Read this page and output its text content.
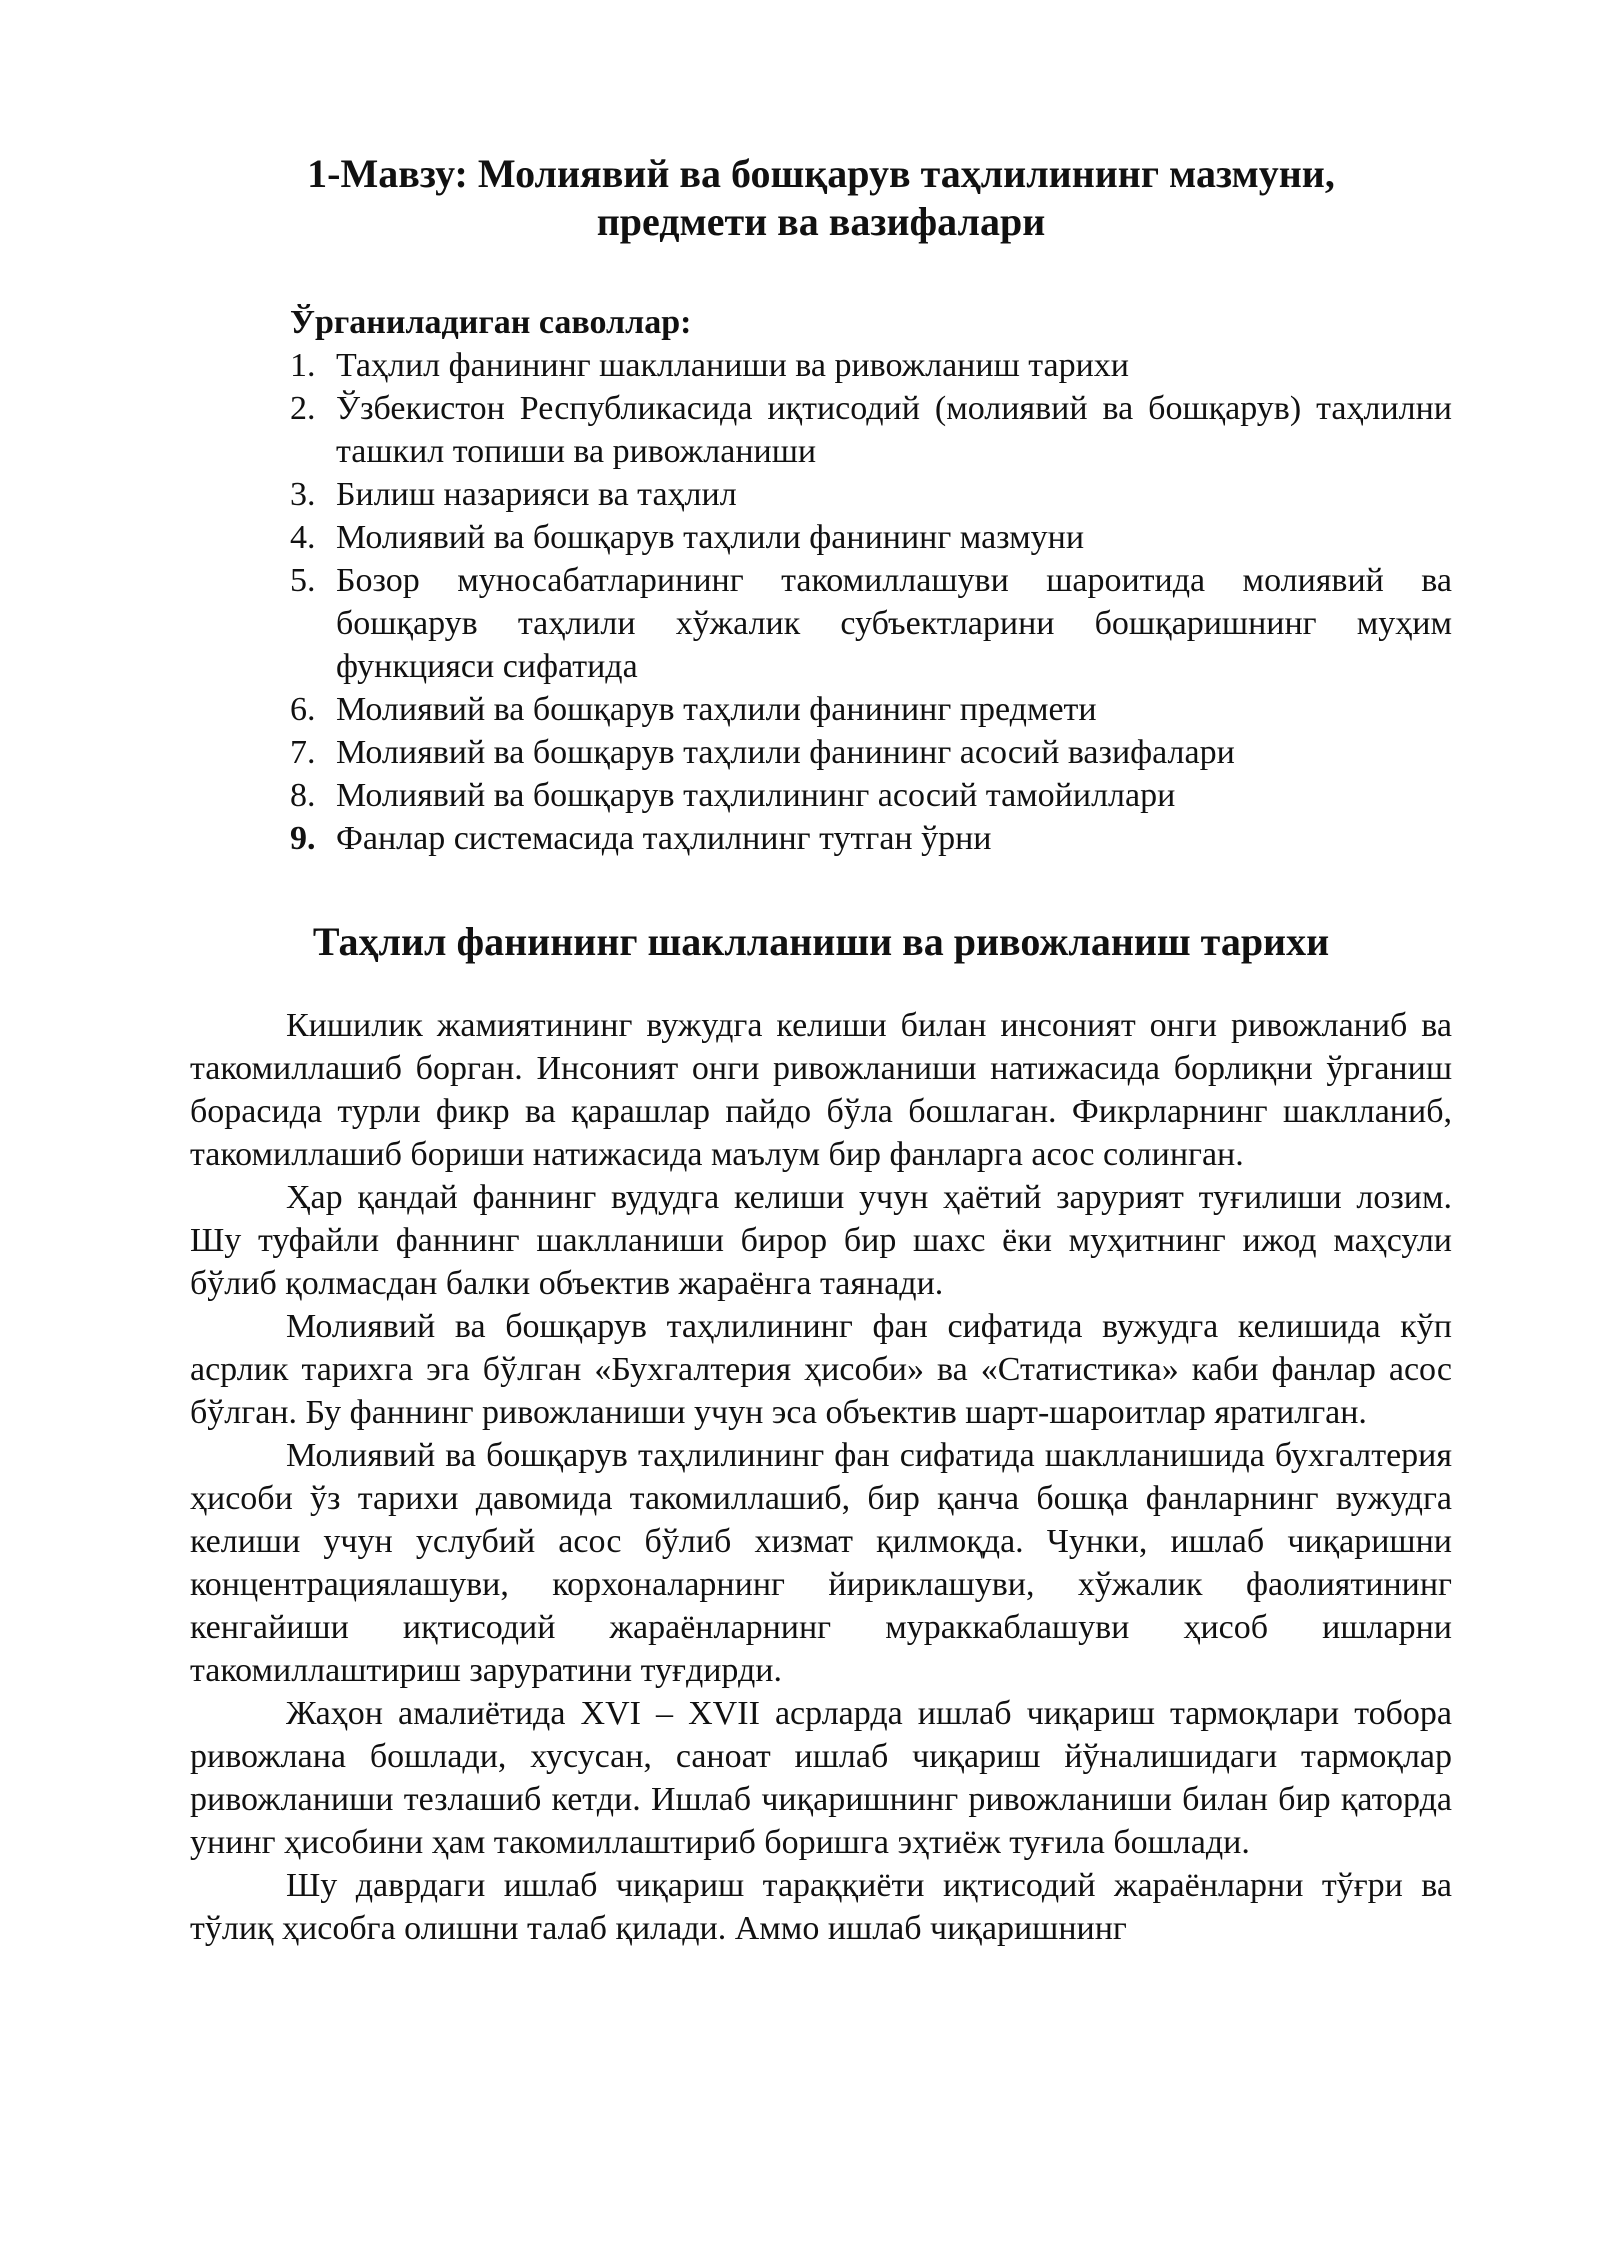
1-Мавзу: Молиявий ва бошқарув таҳлилининг мазмуни,
предмети ва вазифалари

Ўрганиладиган саволлар:

1. Таҳлил фанининг шаклланиши ва ривожланиш тарихи
2. Ўзбекистон Республикасида иқтисодий (молиявий ва бошқарув) таҳлилни ташкил топиши ва ривожланиши
3. Билиш назарияси ва таҳлил
4. Молиявий ва бошқарув таҳлили фанининг мазмуни
5. Бозор муносабатларининг такомиллашуви шароитида молиявий ва бошқарув таҳлили хўжалик субъектларини бошқаришнинг муҳим функцияси сифатида
6. Молиявий ва бошқарув таҳлили фанининг предмети
7. Молиявий ва бошқарув таҳлили фанининг асосий вазифалари
8. Молиявий ва бошқарув таҳлилининг асосий тамойиллари
9. Фанлар системасида таҳлилнинг тутган ўрни
Таҳлил фанининг шаклланиши ва ривожланиш тарихи

Кишилик жамиятининг вужудга келиши билан инсоният онги ривожланиб ва такомиллашиб борган. Инсоният онги ривожланиши натижасида борлиқни ўрганиш борасида турли фикр ва қарашлар пайдо бўла бошлаган. Фикрларнинг шаклланиб, такомиллашиб бориши натижасида маълум бир фанларга асос солинган.

Ҳар қандай фаннинг вудудга келиши учун ҳаётий зарурият туғилиши лозим. Шу туфайли фаннинг шаклланиши бирор бир шахс ёки муҳитнинг ижод маҳсули бўлиб қолмасдан балки объектив жараёнга таянади.

Молиявий ва бошқарув таҳлилининг фан сифатида вужудга келишида кўп асрлик тарихга эга бўлган «Бухгалтерия ҳисоби» ва «Статистика» каби фанлар асос бўлган. Бу фаннинг ривожланиши учун эса объектив шарт-шароитлар яратилган.

Молиявий ва бошқарув таҳлилининг фан сифатида шаклланишида бухгалтерия ҳисоби ўз тарихи давомида такомиллашиб, бир қанча бошқа фанларнинг вужудга келиши учун услубий асос бўлиб хизмат қилмоқда. Чунки, ишлаб чиқаришни концентрациялашуви, корхоналарнинг йириклашуви, хўжалик фаолиятининг кенгайиши иқтисодий жараёнларнинг мураккаблашуви ҳисоб ишларни такомиллаштириш заруратини туғдирди.

Жаҳон амалиётида XVI – XVII асрларда ишлаб чиқариш тармоқлари тобора ривожлана бошлади, хусусан, саноат ишлаб чиқариш йўналишидаги тармоқлар ривожланиши тезлашиб кетди. Ишлаб чиқаришнинг ривожланиши билан бир қаторда унинг ҳисобини ҳам такомиллаштириб боришга эҳтиёж туғила бошлади.

Шу даврдаги ишлаб чиқариш тараққиёти иқтисодий жараёнларни тўғри ва тўлиқ ҳисобга олишни талаб қилади. Аммо ишлаб чиқаришнинг
